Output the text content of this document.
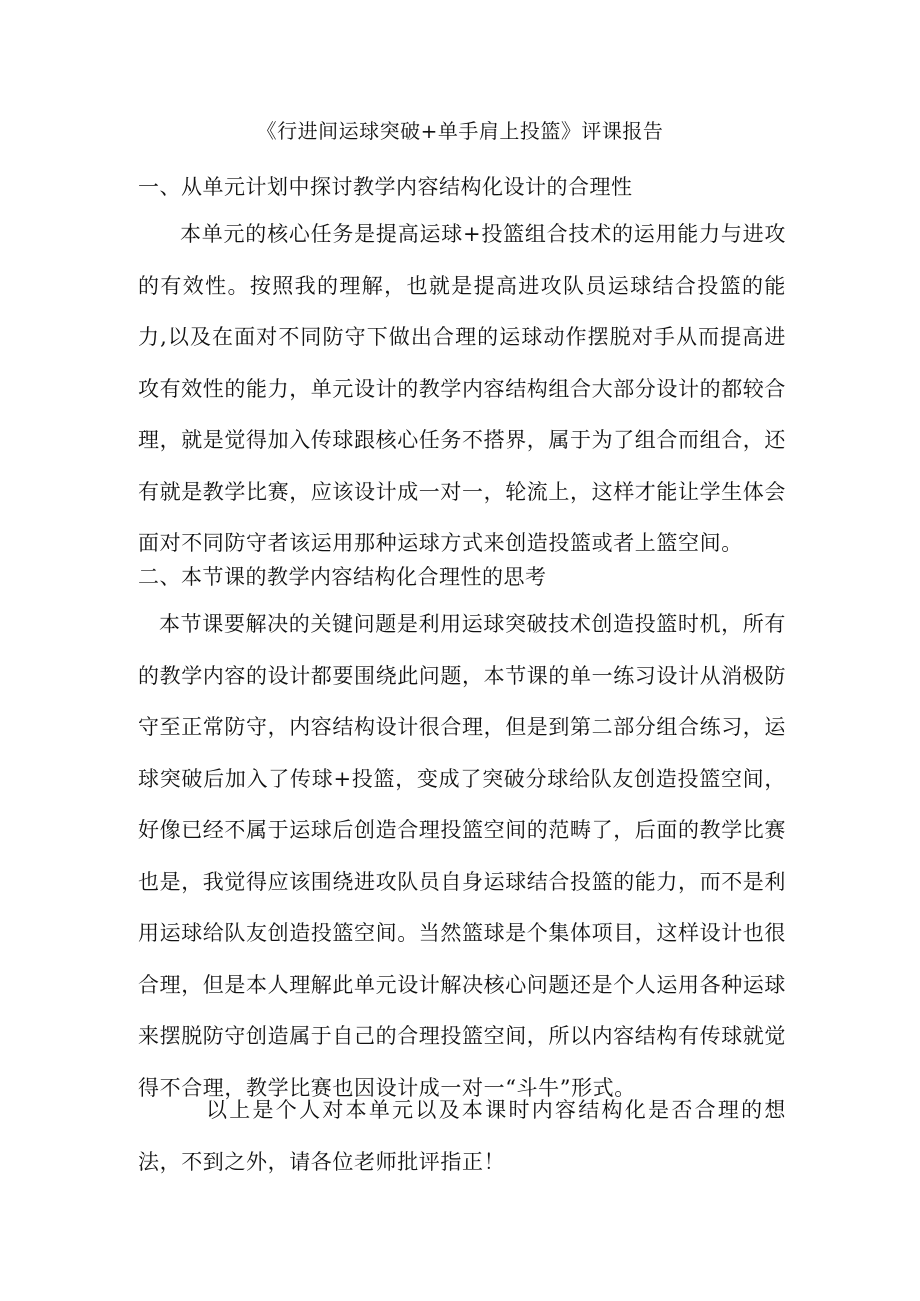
《行进间运球突破+单手肩上投篮》评课报告
一、从单元计划中探讨教学内容结构化设计的合理性
本单元的核心任务是提高运球+投篮组合技术的运用能力与进攻的有效性。按照我的理解，也就是提高进攻队员运球结合投篮的能力,以及在面对不同防守下做出合理的运球动作摆脱对手从而提高进攻有效性的能力，单元设计的教学内容结构组合大部分设计的都较合理，就是觉得加入传球跟核心任务不搭界，属于为了组合而组合，还有就是教学比赛，应该设计成一对一，轮流上，这样才能让学生体会面对不同防守者该运用那种运球方式来创造投篮或者上篮空间。
二、本节课的教学内容结构化合理性的思考
本节课要解决的关键问题是利用运球突破技术创造投篮时机，所有的教学内容的设计都要围绕此问题，本节课的单一练习设计从消极防守至正常防守，内容结构设计很合理，但是到第二部分组合练习，运球突破后加入了传球+投篮，变成了突破分球给队友创造投篮空间，好像已经不属于运球后创造合理投篮空间的范畴了，后面的教学比赛也是，我觉得应该围绕进攻队员自身运球结合投篮的能力，而不是利用运球给队友创造投篮空间。当然篮球是个集体项目，这样设计也很合理，但是本人理解此单元设计解决核心问题还是个人运用各种运球来摆脱防守创造属于自己的合理投篮空间，所以内容结构有传球就觉得不合理，教学比赛也因设计成一对一“斗牛”形式。
以上是个人对本单元以及本课时内容结构化是否合理的想法，不到之外，请各位老师批评指正！
